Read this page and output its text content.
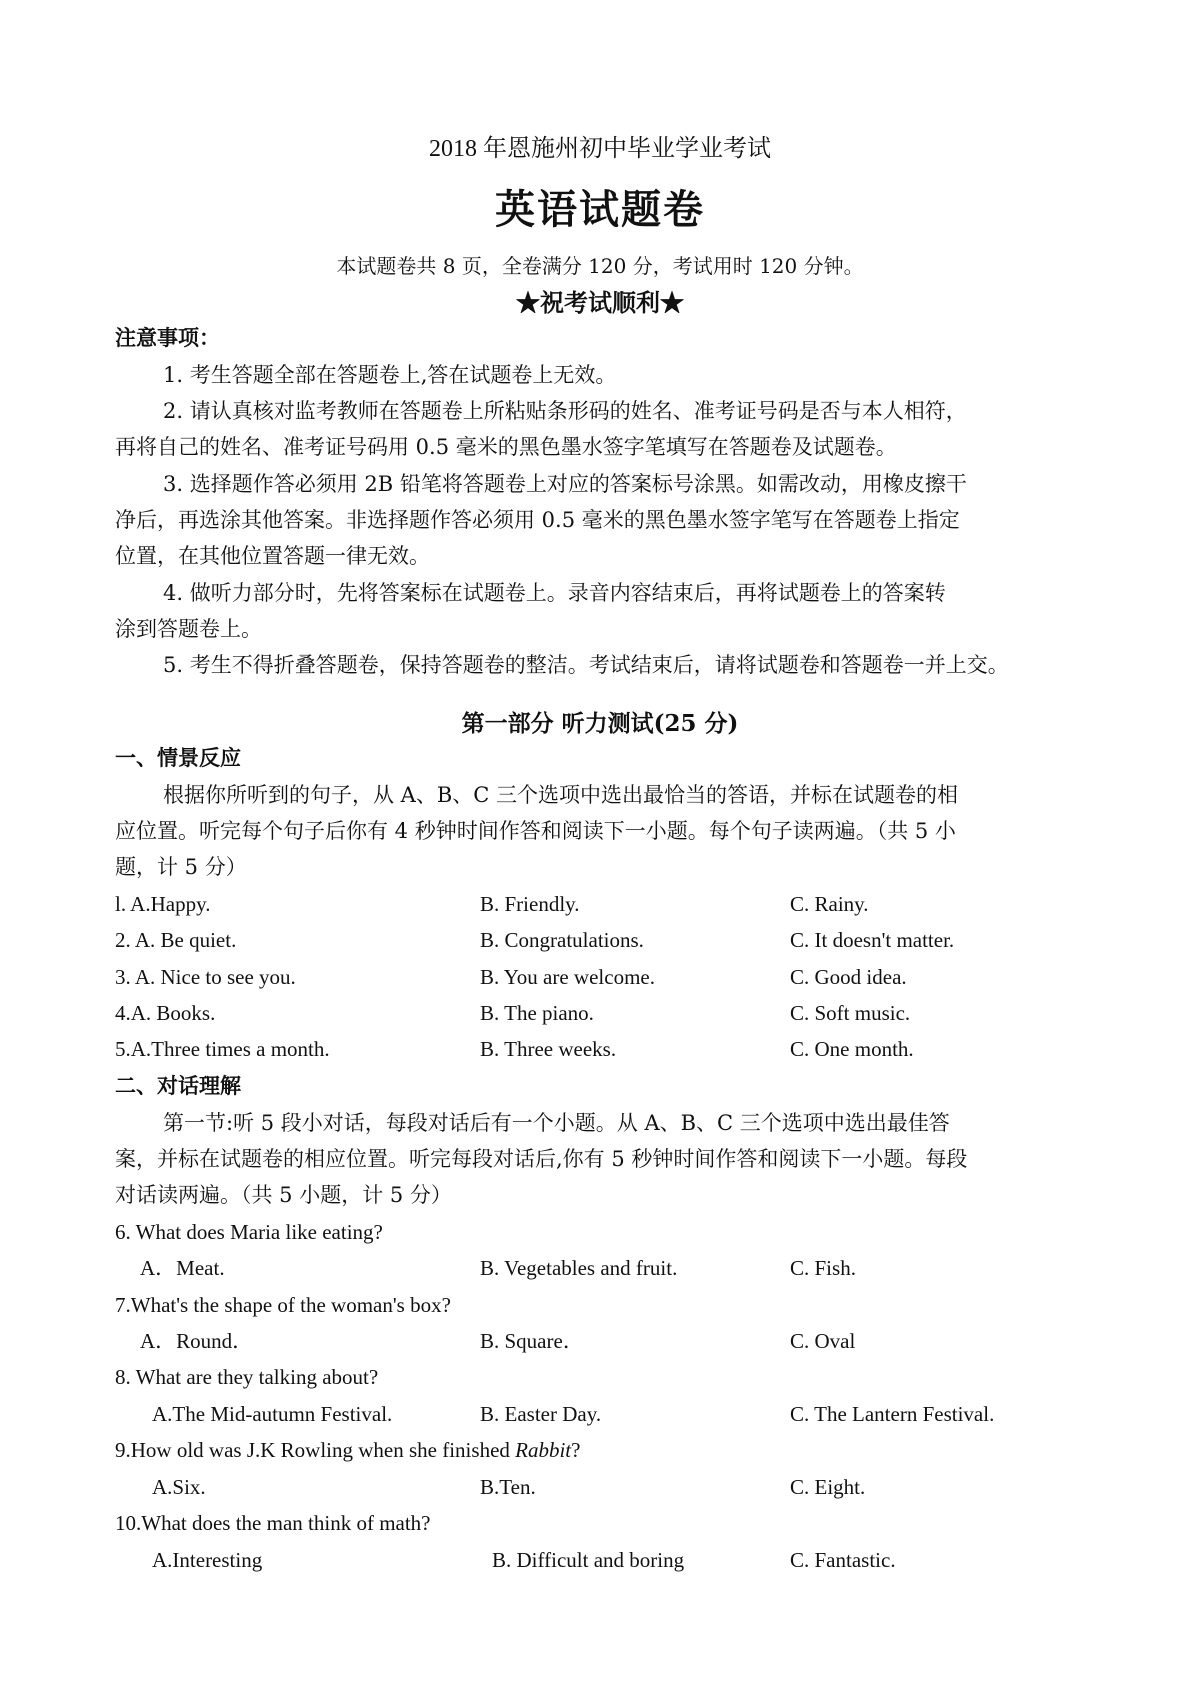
2018 年恩施州初中毕业学业考试
英语试题卷
本试题卷共 8 页，全卷满分 120 分，考试用时 120 分钟。
★祝考试顺利★
注意事项：
1. 考生答题全部在答题卷上,答在试题卷上无效。
2. 请认真核对监考教师在答题卷上所粘贴条形码的姓名、准考证号码是否与本人相符，
再将自己的姓名、准考证号码用 0.5 毫米的黑色墨水签字笔填写在答题卷及试题卷。
3. 选择题作答必须用 2B 铅笔将答题卷上对应的答案标号涂黑。如需改动，用橡皮擦干
净后，再选涂其他答案。非选择题作答必须用 0.5 毫米的黑色墨水签字笔写在答题卷上指定
位置，在其他位置答题一律无效。
4. 做听力部分时，先将答案标在试题卷上。录音内容结束后，再将试题卷上的答案转
涂到答题卷上。
5. 考生不得折叠答题卷，保持答题卷的整洁。考试结束后，请将试题卷和答题卷一并上交。
第一部分 听力测试(25 分)
一、情景反应
根据你所听到的句子，从 A、B、C 三个选项中选出最恰当的答语，并标在试题卷的相
应位置。听完每个句子后你有 4 秒钟时间作答和阅读下一小题。每个句子读两遍。（共 5 小
题，计 5 分）
l. A.Happy.	B. Friendly.	C. Rainy.
2. A. Be quiet.	B. Congratulations.	C. It doesn't matter.
3. A. Nice to see you.	B. You are welcome.	C. Good idea.
4.A. Books.	B. The piano.	C. Soft music.
5.A.Three times a month.	B. Three weeks.	C. One month.
二、对话理解
第一节:听 5 段小对话，每段对话后有一个小题。从 A、B、C 三个选项中选出最佳答
案，并标在试题卷的相应位置。听完每段对话后,你有 5 秒钟时间作答和阅读下一小题。每段
对话读两遍。（共 5 小题，计 5 分）
6. What does Maria like eating?
A．Meat.	B. Vegetables and fruit.	C. Fish.
7.What's the shape of the woman's box?
A．Round．	B. Square．	C. Oval
8. What are they talking about?
A.The Mid-autumn Festival.	B. Easter Day.	C. The Lantern Festival.
9.How old was J.K Rowling when she finished Rabbit?
A.Six.	B.Ten.	C. Eight.
10.What does the man think of math?
A.Interesting	B. Difficult and boring	C. Fantastic.
